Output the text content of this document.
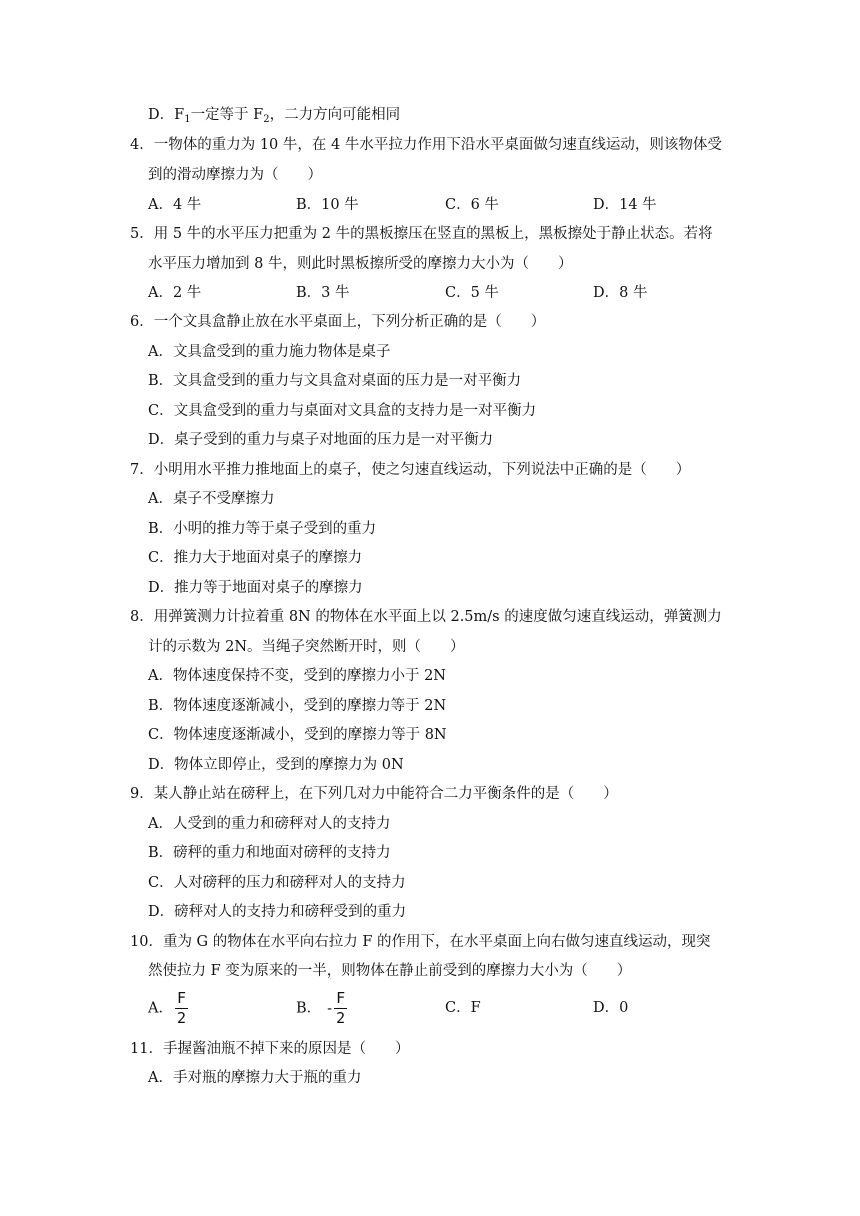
D．$F_1$一定等于 $F_2$，二力方向可能相同
4．一物体的重力为 10 牛，在 4 牛水平拉力作用下沿水平桌面做匀速直线运动，则该物体受
到的滑动摩擦力为（　　）
A．4 牛	B．10 牛	C．6 牛	D．14 牛
5．用 5 牛的水平压力把重为 2 牛的黑板擦压在竖直的黑板上，黑板擦处于静止状态。若将
水平压力增加到 8 牛，则此时黑板擦所受的摩擦力大小为（　　）
A．2 牛	B．3 牛	C．5 牛	D．8 牛
6．一个文具盒静止放在水平桌面上，下列分析正确的是（　　）
A．文具盒受到的重力施力物体是桌子
B．文具盒受到的重力与文具盒对桌面的压力是一对平衡力
C．文具盒受到的重力与桌面对文具盒的支持力是一对平衡力
D．桌子受到的重力与桌子对地面的压力是一对平衡力
7．小明用水平推力推地面上的桌子，使之匀速直线运动，下列说法中正确的是（　　）
A．桌子不受摩擦力
B．小明的推力等于桌子受到的重力
C．推力大于地面对桌子的摩擦力
D．推力等于地面对桌子的摩擦力
8．用弹簧测力计拉着重 8N 的物体在水平面上以 2.5m/s 的速度做匀速直线运动，弹簧测力
计的示数为 2N。当绳子突然断开时，则（　　）
A．物体速度保持不变，受到的摩擦力小于 2N
B．物体速度逐渐减小，受到的摩擦力等于 2N
C．物体速度逐渐减小，受到的摩擦力等于 8N
D．物体立即停止，受到的摩擦力为 0N
9．某人静止站在磅秤上，在下列几对力中能符合二力平衡条件的是（　　）
A．人受到的重力和磅秤对人的支持力
B．磅秤的重力和地面对磅秤的支持力
C．人对磅秤的压力和磅秤对人的支持力
D．磅秤对人的支持力和磅秤受到的重力
10．重为 G 的物体在水平向右拉力 F 的作用下，在水平桌面上向右做匀速直线运动，现突
然使拉力 F 变为原来的一半，则物体在静止前受到的摩擦力大小为（　　）
A． $\frac{F}{2}$	B． - $\frac{F}{2}$	C．F	D．0
11．手握酱油瓶不掉下来的原因是（　　）
A．手对瓶的摩擦力大于瓶的重力
